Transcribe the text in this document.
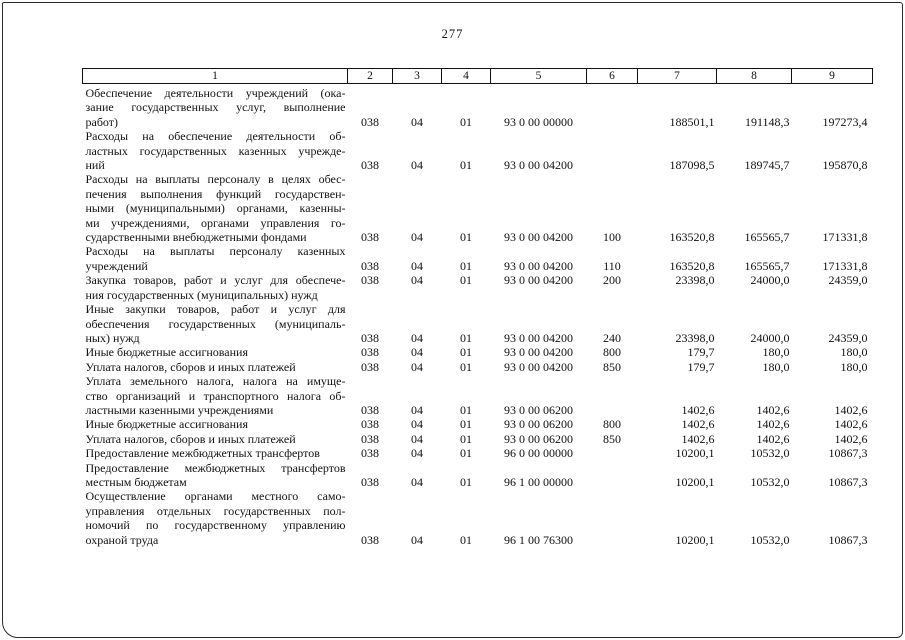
277
1	2	3	4	5	6	7	8	9

Обеспечение деятельности учреждений (ока-
зание государственных услуг, выполнение
работ)	038	04	01	93 0 00 00000		188501,1	191148,3	197273,4

Расходы на обеспечение деятельности об-
ластных государственных казенных учрежде-
ний	038	04	01	93 0 00 04200		187098,5	189745,7	195870,8

Расходы на выплаты персоналу в целях обес-
печения выполнения функций государствен-
ными (муниципальными) органами, казенны-
ми учреждениями, органами управления го-
сударственными внебюджетными фондами	038	04	01	93 0 00 04200	100	163520,8	165565,7	171331,8

Расходы на выплаты персоналу казенных
учреждений	038	04	01	93 0 00 04200	110	163520,8	165565,7	171331,8

Закупка товаров, работ и услуг для обеспече-
ния государственных (муниципальных) нужд	038	04	01	93 0 00 04200	200	23398,0	24000,0	24359,0

Иные закупки товаров, работ и услуг для
обеспечения государственных (муниципаль-
ных) нужд	038	04	01	93 0 00 04200	240	23398,0	24000,0	24359,0

Иные бюджетные ассигнования	038	04	01	93 0 00 04200	800	179,7	180,0	180,0

Уплата налогов, сборов и иных платежей	038	04	01	93 0 00 04200	850	179,7	180,0	180,0

Уплата земельного налога, налога на имуще-
ство организаций и транспортного налога об-
ластными казенными учреждениями	038	04	01	93 0 00 06200		1402,6	1402,6	1402,6

Иные бюджетные ассигнования	038	04	01	93 0 00 06200	800	1402,6	1402,6	1402,6

Уплата налогов, сборов и иных платежей	038	04	01	93 0 00 06200	850	1402,6	1402,6	1402,6

Предоставление межбюджетных трансфертов	038	04	01	96 0 00 00000		10200,1	10532,0	10867,3

Предоставление межбюджетных трансфертов
местным бюджетам	038	04	01	96 1 00 00000		10200,1	10532,0	10867,3

Осуществление органами местного само-
управления отдельных государственных пол-
номочий по государственному управлению
охраной труда	038	04	01	96 1 00 76300		10200,1	10532,0	10867,3
